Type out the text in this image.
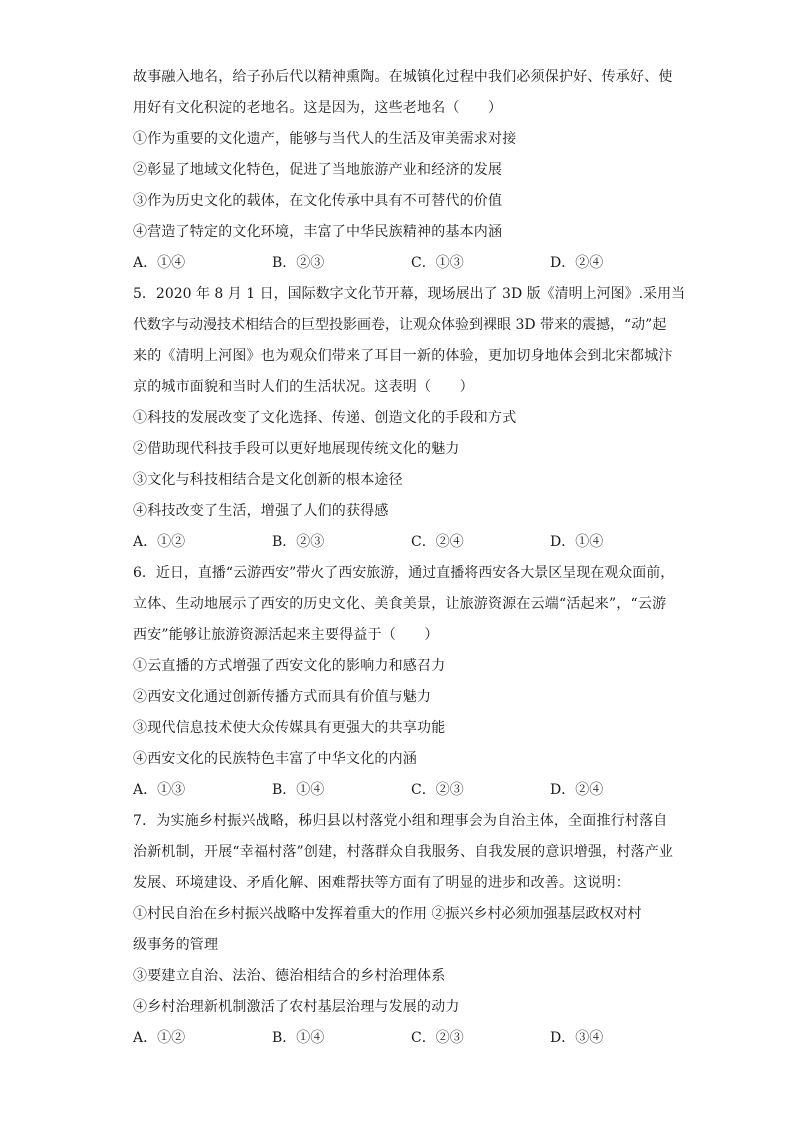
故事融入地名，给子孙后代以精神熏陶。在城镇化过程中我们必须保护好、传承好、使
用好有文化积淀的老地名。这是因为，这些老地名（　　）
①作为重要的文化遗产，能够与当代人的生活及审美需求对接
②彰显了地域文化特色，促进了当地旅游产业和经济的发展
③作为历史文化的载体，在文化传承中具有不可替代的价值
④营造了特定的文化环境，丰富了中华民族精神的基本内涵
A．①④	B．②③	C．①③	D．②④
5．2020 年 8 月 1 日，国际数字文化节开幕，现场展出了 3D 版《清明上河图》.采用当
代数字与动漫技术相结合的巨型投影画卷，让观众体验到裸眼 3D 带来的震撼，“动”起
来的《清明上河图》也为观众们带来了耳目一新的体验，更加切身地体会到北宋都城汴
京的城市面貌和当时人们的生活状况。这表明（　　）
①科技的发展改变了文化选择、传递、创造文化的手段和方式
②借助现代科技手段可以更好地展现传统文化的魅力
③文化与科技相结合是文化创新的根本途径
④科技改变了生活，增强了人们的获得感
A．①②	B．②③	C．②④	D．①④
6．近日，直播“云游西安”带火了西安旅游，通过直播将西安各大景区呈现在观众面前，
立体、生动地展示了西安的历史文化、美食美景，让旅游资源在云端“活起来”，“云游
西安”能够让旅游资源活起来主要得益于（　　）
①云直播的方式增强了西安文化的影响力和感召力
②西安文化通过创新传播方式而具有价值与魅力
③现代信息技术使大众传媒具有更强大的共享功能
④西安文化的民族特色丰富了中华文化的内涵
A．①③	B．①④	C．②③	D．②④
7．为实施乡村振兴战略，秭归县以村落党小组和理事会为自治主体，全面推行村落自
治新机制，开展“幸福村落”创建，村落群众自我服务、自我发展的意识增强，村落产业
发展、环境建设、矛盾化解、困难帮扶等方面有了明显的进步和改善。这说明：
①村民自治在乡村振兴战略中发挥着重大的作用 ②振兴乡村必须加强基层政权对村
级事务的管理
③要建立自治、法治、德治相结合的乡村治理体系
④乡村治理新机制激活了农村基层治理与发展的动力
A．①②	B．①④	C．②③	D．③④
